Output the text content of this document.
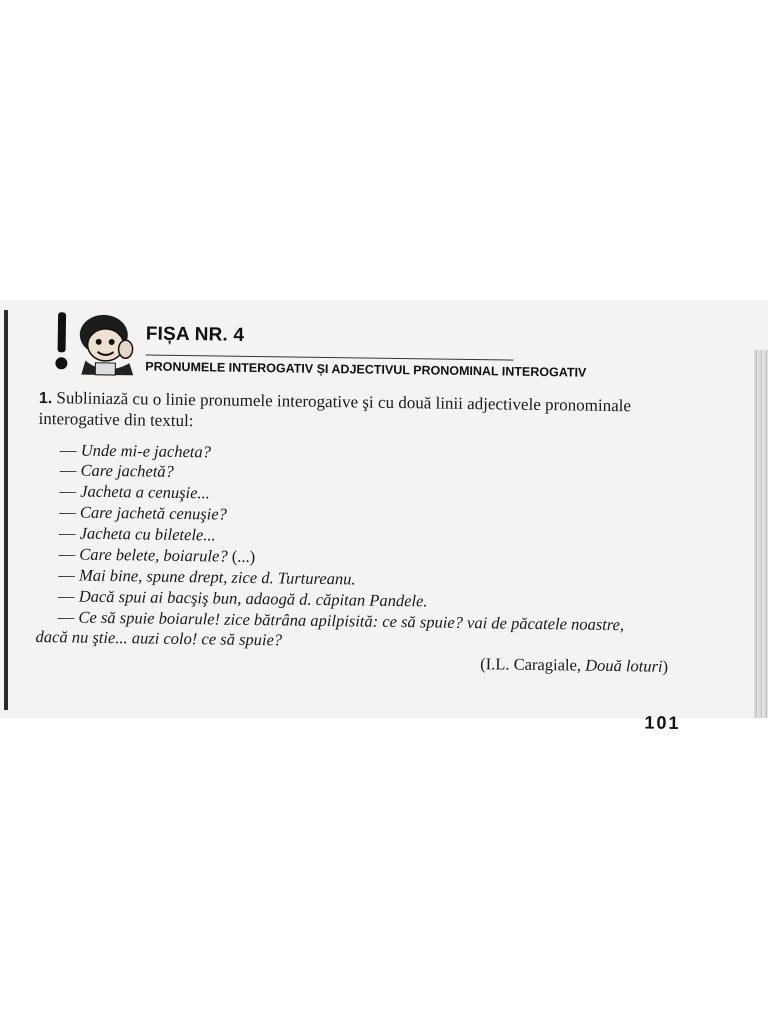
FIȘA NR. 4
PRONUMELE INTEROGATIV ȘI ADJECTIVUL PRONOMINAL INTEROGATIV
1. Subliniază cu o linie pronumele interogative şi cu două linii adjectivele pronominale interogative din textul:
— Unde mi-e jacheta?
— Care jachetă?
— Jacheta a cenuşie...
— Care jachetă cenuşie?
— Jacheta cu biletele...
— Care belete, boiarule? (...)
— Mai bine, spune drept, zice d. Turtureanu.
— Dacă spui ai bacşiş bun, adaogă d. căpitan Pandele.
— Ce să spuie boiarule! zice bătrâna apilpisită: ce să spuie? vai de păcatele noastre,
dacă nu ştie... auzi colo! ce să spuie?
(I.L. Caragiale, Două loturi)
101
